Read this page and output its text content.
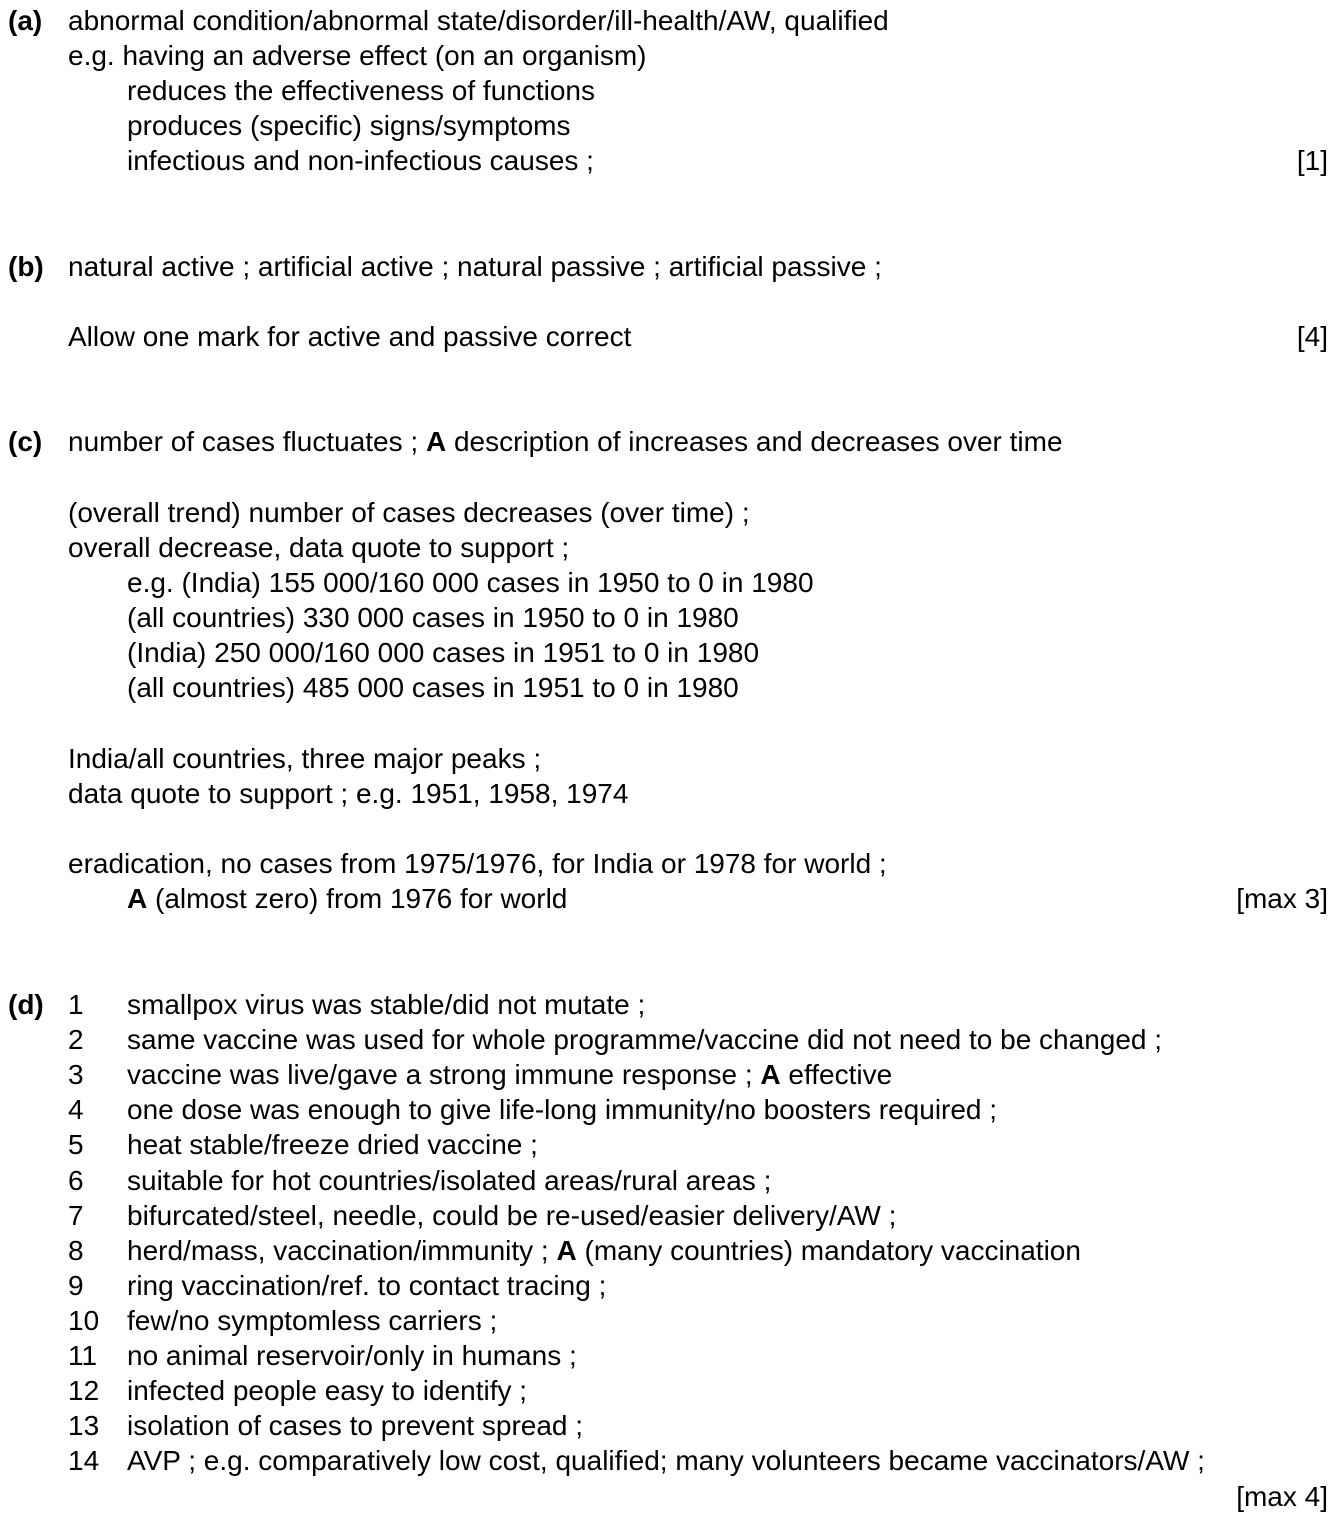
(a) abnormal condition/abnormal state/disorder/ill-health/AW, qualified
e.g. having an adverse effect (on an organism)
reduces the effectiveness of functions
produces (specific) signs/symptoms
infectious and non-infectious causes ;	[1]
(b) natural active ; artificial active ; natural passive ; artificial passive ;
Allow one mark for active and passive correct	[4]
(c) number of cases fluctuates ; A description of increases and decreases over time
(overall trend) number of cases decreases (over time) ;
overall decrease, data quote to support ;
e.g. (India) 155 000/160 000 cases in 1950 to 0 in 1980
(all countries) 330 000 cases in 1950 to 0 in 1980
(India) 250 000/160 000 cases in 1951 to 0 in 1980
(all countries) 485 000 cases in 1951 to 0 in 1980
India/all countries, three major peaks ;
data quote to support ; e.g. 1951, 1958, 1974
eradication, no cases from 1975/1976, for India or 1978 for world ;
A (almost zero) from 1976 for world	[max 3]
(d) 1 smallpox virus was stable/did not mutate ;
2 same vaccine was used for whole programme/vaccine did not need to be changed ;
3 vaccine was live/gave a strong immune response ; A effective
4 one dose was enough to give life-long immunity/no boosters required ;
5 heat stable/freeze dried vaccine ;
6 suitable for hot countries/isolated areas/rural areas ;
7 bifurcated/steel, needle, could be re-used/easier delivery/AW ;
8 herd/mass, vaccination/immunity ; A (many countries) mandatory vaccination
9 ring vaccination/ref. to contact tracing ;
10 few/no symptomless carriers ;
11 no animal reservoir/only in humans ;
12 infected people easy to identify ;
13 isolation of cases to prevent spread ;
14 AVP ; e.g. comparatively low cost, qualified; many volunteers became vaccinators/AW ;
[max 4]
